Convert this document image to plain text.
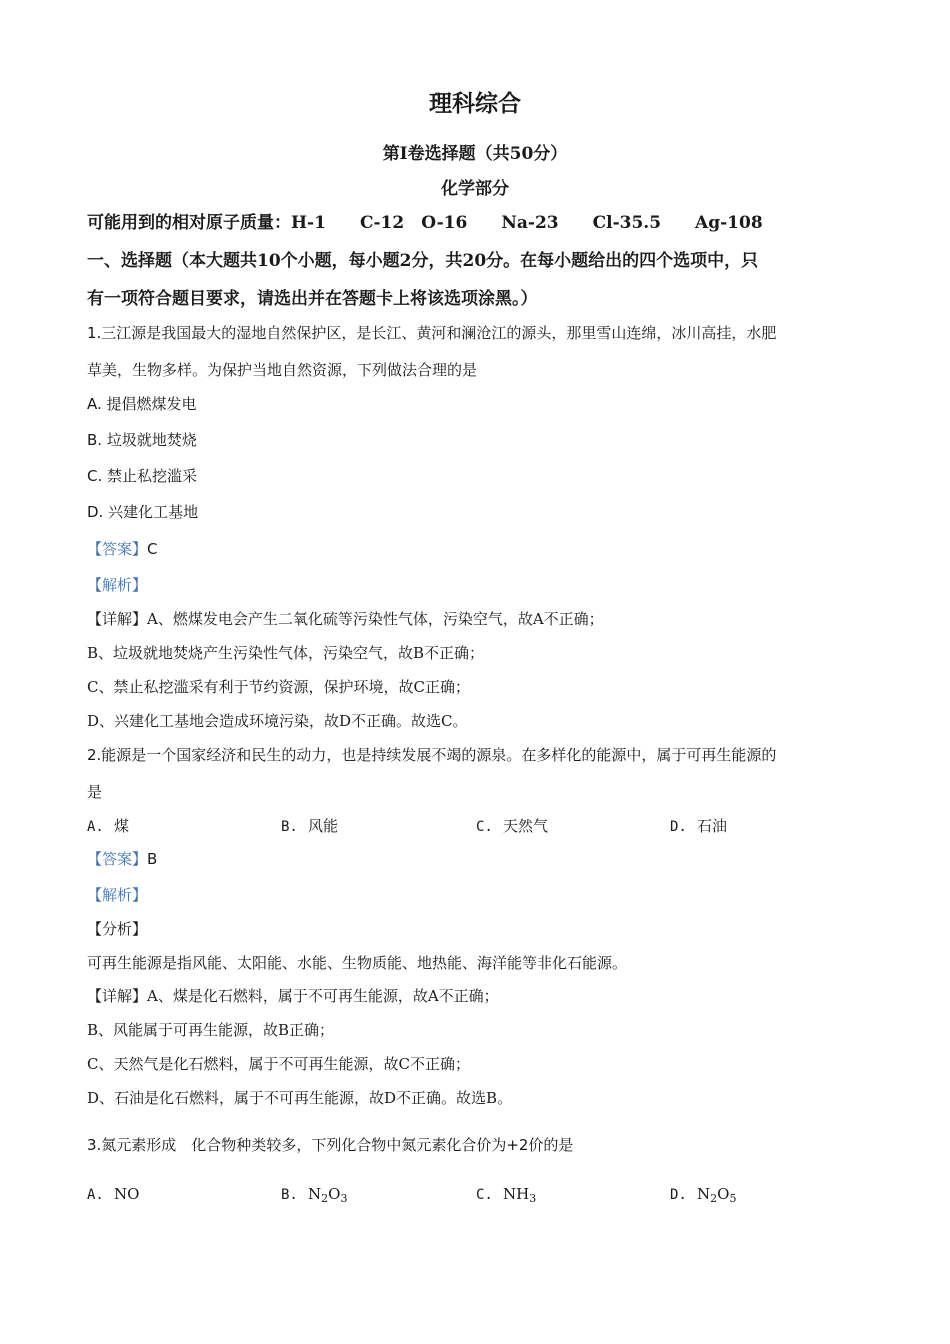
理科综合
第Ⅰ卷选择题（共50分）
化学部分
可能用到的相对原子质量：H-1　　C-12　O-16　　Na-23　　Cl-35.5　　Ag-108
一、选择题（本大题共10个小题，每小题2分，共20分。在每小题给出的四个选项中，只
有一项符合题目要求，请选出并在答题卡上将该选项涂黑。）
1.三江源是我国最大的湿地自然保护区，是长江、黄河和澜沧江的源头，那里雪山连绵，冰川高挂，水肥
草美，生物多样。为保护当地自然资源，下列做法合理的是
A. 提倡燃煤发电
B. 垃圾就地焚烧
C. 禁止私挖滥采
D. 兴建化工基地
【答案】C
【解析】
【详解】A、燃煤发电会产生二氧化硫等污染性气体，污染空气，故A不正确；
B、垃圾就地焚烧产生污染性气体，污染空气，故B不正确；
C、禁止私挖滥采有利于节约资源，保护环境，故C正确；
D、兴建化工基地会造成环境污染，故D不正确。故选C。
2.能源是一个国家经济和民生的动力，也是持续发展不竭的源泉。在多样化的能源中，属于可再生能源的
是
A. 煤	B. 风能	C. 天然气	D. 石油
【答案】B
【解析】
【分析】
可再生能源是指风能、太阳能、水能、生物质能、地热能、海洋能等非化石能源。
【详解】A、煤是化石燃料，属于不可再生能源，故A不正确；
B、风能属于可再生能源，故B正确；
C、天然气是化石燃料，属于不可再生能源，故C不正确；
D、石油是化石燃料，属于不可再生能源，故D不正确。故选B。
3.氮元素形成　化合物种类较多，下列化合物中氮元素化合价为+2价的是
A. NO	B. $N_2O_3$	C. $NH_3$	D. $N_2O_5$
